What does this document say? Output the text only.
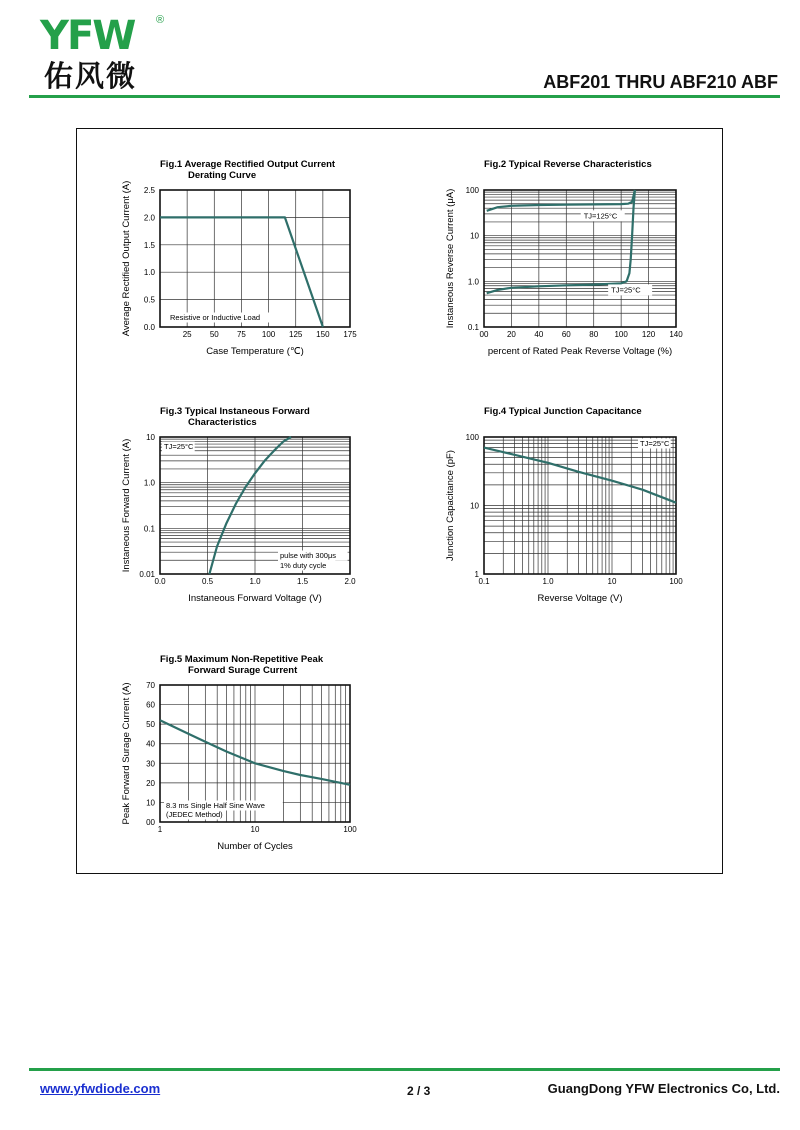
YFW ®
佑风微	ABF201 THRU ABF210 ABF
Fig.1 Average Rectified Output Current
Derating Curve
25 50 75 100 125 150 175
0.0
0.5
1.0
1.5
2.0
2.5
Case Temperature (℃)
Average Rectified Output Current (A)	Resistive or Inductive Load
Fig.2 Typical Reverse Characteristics
00 20 40 60 80 100 120 140
0.1
1.0
10
100
percent of Rated Peak Reverse Voltage (%)
Instaneous Reverse Current (μA)	TJ=125°C
TJ=25°C
Fig.3 Typical Instaneous Forward
Characteristics
0.0	0.5	1.0	1.5	2.0
0.01
0.1
1.0
10
Instaneous Forward Voltage (V)
Instaneous Forward Current (A)	TJ=25°C
pulse with 300μs
1% duty cycle
Fig.4 Typical Junction Capacitance
0.1	1.0	10	100
1
10
100
Reverse Voltage (V)
Junction Capacitance (pF)
TJ=25°C
Fig.5 Maximum Non-Repetitive Peak
Forward Surage Current
1	10	100
00
10
20
30
40
50
60
70
Number of Cycles
Peak Forward Surage Current (A)	8.3 ms Single Half Sine Wave
(JEDEC Method)
www.yfwdiode.com	2 / 3	GuangDong YFW Electronics Co, Ltd.
